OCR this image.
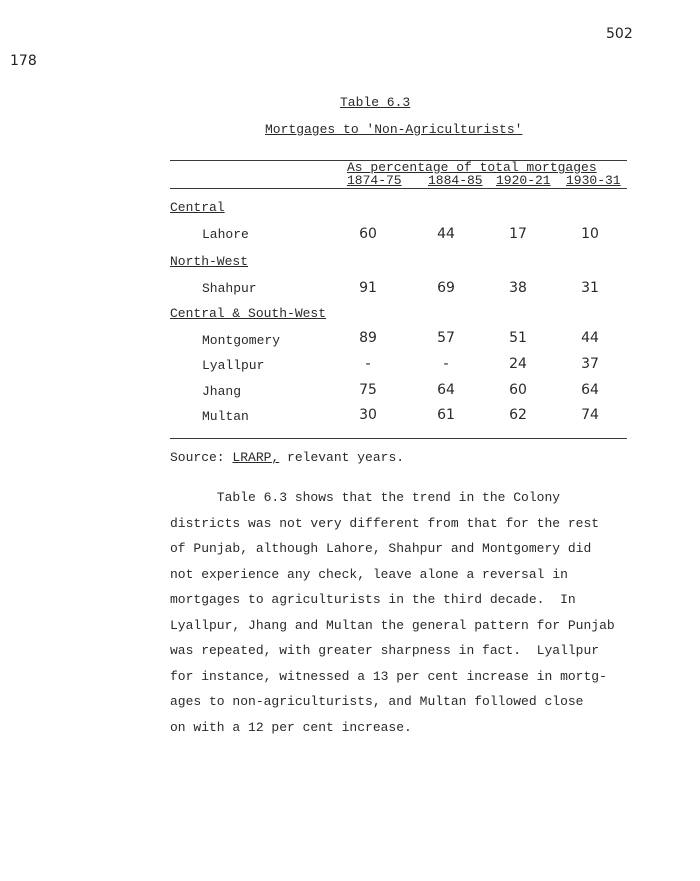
502
178
Table 6.3
Mortgages to 'Non-Agriculturists'
As percentage of total mortgages
1874-75 1884-85 1920-21 1930-31
Central
Lahore	60	44	17	10
North-West
Shahpur	91	69	38	31
Central & South-West
Montgomery	89	57	51	44
Lyallpur	-	-	24	37
Jhang	75	64	60	64
Multan	30	61	62	74
Source: LRARP, relevant years.
Table 6.3 shows that the trend in the Colony
districts was not very different from that for the rest
of Punjab, although Lahore, Shahpur and Montgomery did
not experience any check, leave alone a reversal in
mortgages to agriculturists in the third decade.  In
Lyallpur, Jhang and Multan the general pattern for Punjab
was repeated, with greater sharpness in fact.  Lyallpur
for instance, witnessed a 13 per cent increase in mortg-
ages to non-agriculturists, and Multan followed close
on with a 12 per cent increase.
